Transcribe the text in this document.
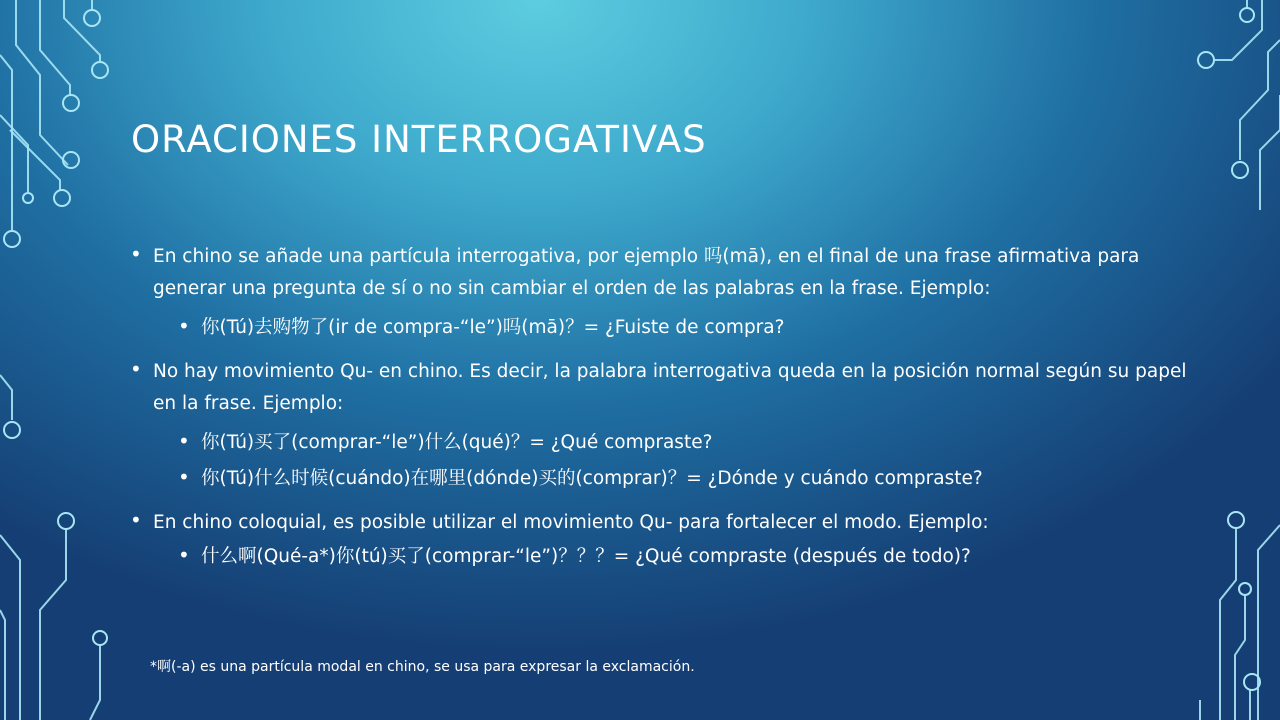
ORACIONES INTERROGATIVAS
• En chino se añade una partícula interrogativa, por ejemplo 吗(mā), en el final de una frase afirmativa para generar una pregunta de sí o no sin cambiar el orden de las palabras en la frase. Ejemplo:
• 你(Tú)去购物了(ir de compra-“le”)吗(mā)？= ¿Fuiste de compra?
• No hay movimiento Qu- en chino. Es decir, la palabra interrogativa queda en la posición normal según su papel en la frase. Ejemplo:
• 你(Tú)买了(comprar-“le”)什么(qué)？= ¿Qué compraste?
• 你(Tú)什么时候(cuándo)在哪里(dónde)买的(comprar)？= ¿Dónde y cuándo compraste?
• En chino coloquial, es posible utilizar el movimiento Qu- para fortalecer el modo. Ejemplo:
• 什么啊(Qué-a*)你(tú)买了(comprar-“le”)？？？= ¿Qué compraste (después de todo)?
*啊(-a) es una partícula modal en chino, se usa para expresar la exclamación.
